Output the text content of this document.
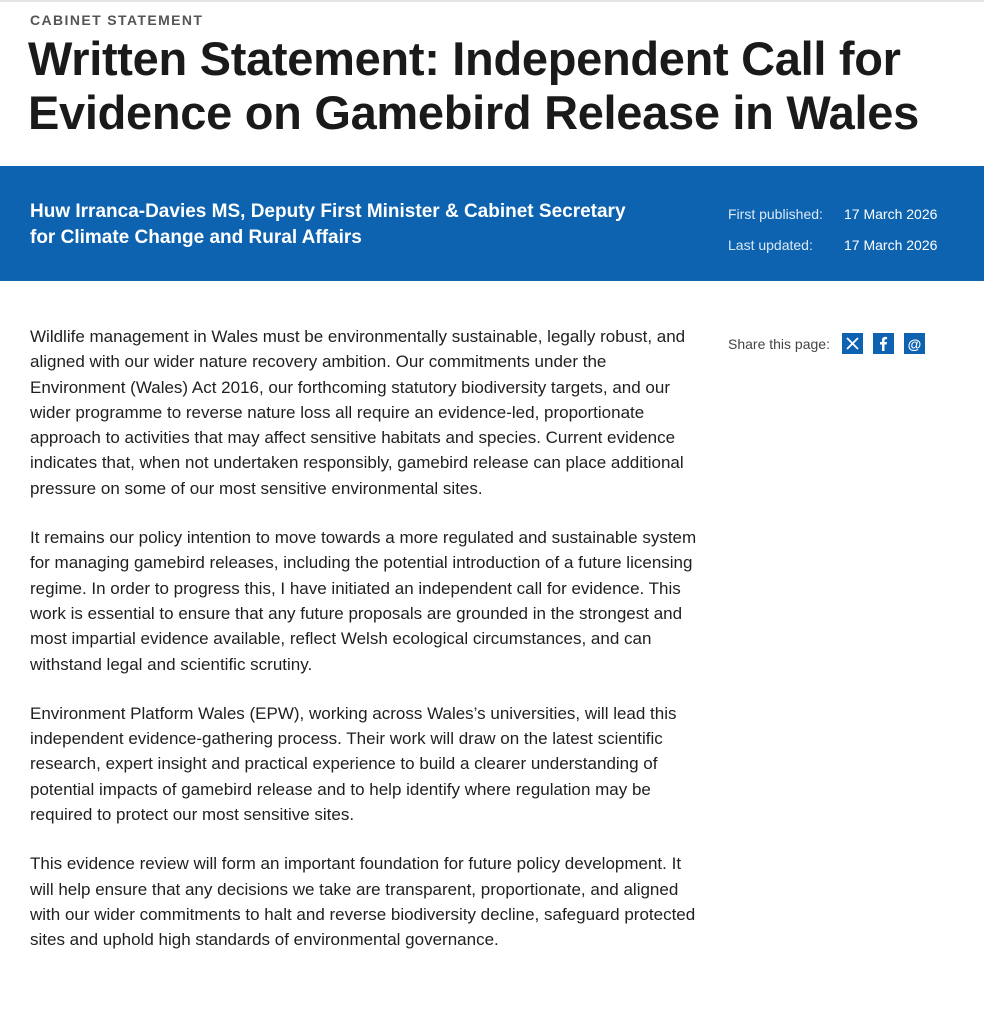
CABINET STATEMENT
Written Statement: Independent Call for Evidence on Gamebird Release in Wales
Huw Irranca-Davies MS, Deputy First Minister & Cabinet Secretary for Climate Change and Rural Affairs
First published:	17 March 2026
Last updated:	17 March 2026

Wildlife management in Wales must be environmentally sustainable, legally robust, and aligned with our wider nature recovery ambition. Our commitments under the Environment (Wales) Act 2016, our forthcoming statutory biodiversity targets, and our wider programme to reverse nature loss all require an evidence-led, proportionate approach to activities that may affect sensitive habitats and species. Current evidence indicates that, when not undertaken responsibly, gamebird release can place additional pressure on some of our most sensitive environmental sites.

It remains our policy intention to move towards a more regulated and sustainable system for managing gamebird releases, including the potential introduction of a future licensing regime. In order to progress this, I have initiated an independent call for evidence. This work is essential to ensure that any future proposals are grounded in the strongest and most impartial evidence available, reflect Welsh ecological circumstances, and can withstand legal and scientific scrutiny.

Environment Platform Wales (EPW), working across Wales’s universities, will lead this independent evidence-gathering process. Their work will draw on the latest scientific research, expert insight and practical experience to build a clearer understanding of potential impacts of gamebird release and to help identify where regulation may be required to protect our most sensitive sites.

This evidence review will form an important foundation for future policy development. It will help ensure that any decisions we take are transparent, proportionate, and aligned with our wider commitments to halt and reverse biodiversity decline, safeguard protected sites and uphold high standards of environmental governance.

Share this page:	@
